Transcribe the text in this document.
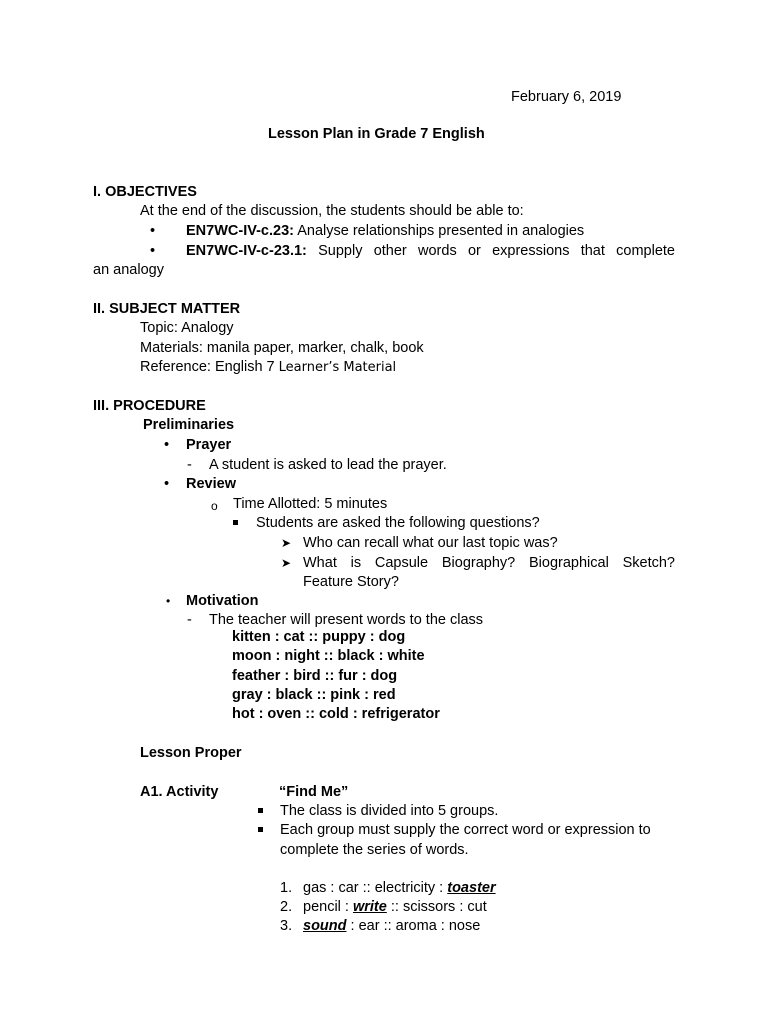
February 6, 2019
Lesson Plan in Grade 7 English
I. OBJECTIVES
At the end of the discussion, the students should be able to:
• EN7WC-IV-c.23: Analyse relationships presented in analogies
• EN7WC-IV-c-23.1: Supply other words or expressions that complete
an analogy
II. SUBJECT MATTER
Topic: Analogy
Materials: manila paper, marker, chalk, book
Reference: English 7 Learner’s Material
III. PROCEDURE
Preliminaries
• Prayer
- A student is asked to lead the prayer.
• Review
o Time Allotted: 5 minutes
Students are asked the following questions?
➤ Who can recall what our last topic was?
➤ What is Capsule Biography? Biographical Sketch?
Feature Story?
• Motivation
- The teacher will present words to the class
kitten : cat :: puppy : dog
moon : night :: black : white
feather : bird :: fur : dog
gray : black :: pink : red
hot : oven :: cold : refrigerator
Lesson Proper
A1. Activity	“Find Me”
The class is divided into 5 groups.
Each group must supply the correct word or expression to
complete the series of words.
1. gas : car :: electricity : toaster
2. pencil : write :: scissors : cut
3. sound : ear :: aroma : nose
